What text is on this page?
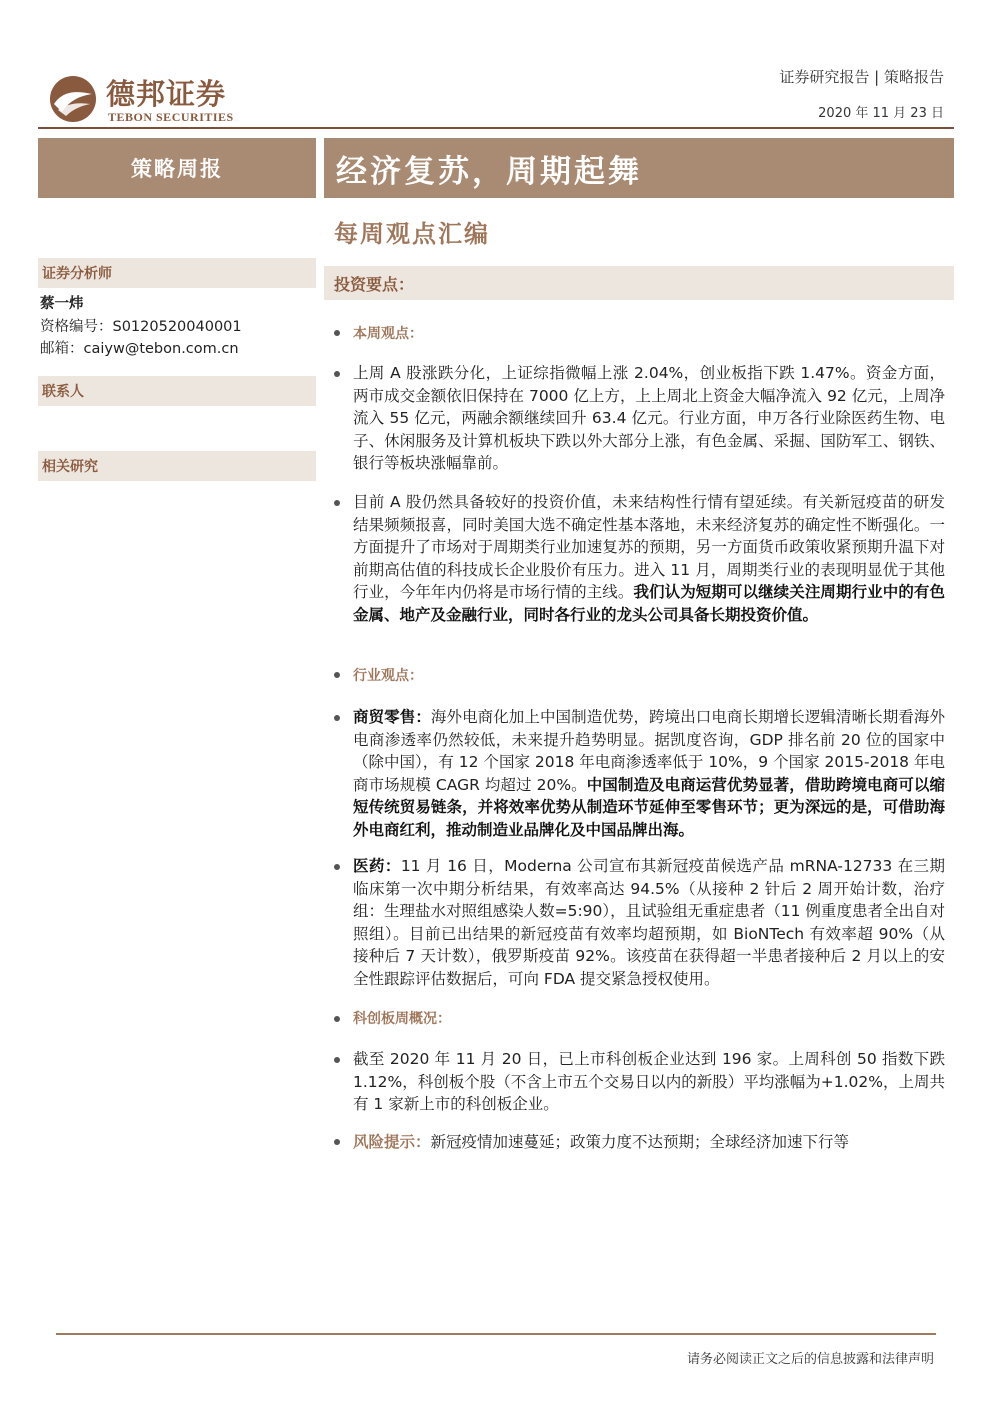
德邦证券
TEBON SECURITIES
证券研究报告 | 策略报告
2020 年 11 月 23 日
策略周报	经济复苏，周期起舞
每周观点汇编
证券分析师
蔡一炜
资格编号：S0120520040001
邮箱：caiyw@tebon.com.cn
联系人
相关研究
投资要点：
本周观点：
上周 A 股涨跌分化，上证综指微幅上涨 2.04%，创业板指下跌 1.47%。资金方面，两市成交金额依旧保持在 7000 亿上方，上上周北上资金大幅净流入 92 亿元，上周净流入 55 亿元，两融余额继续回升 63.4 亿元。行业方面，申万各行业除医药生物、电子、休闲服务及计算机板块下跌以外大部分上涨，有色金属、采掘、国防军工、钢铁、银行等板块涨幅靠前。
目前 A 股仍然具备较好的投资价值，未来结构性行情有望延续。有关新冠疫苗的研发结果频频报喜，同时美国大选不确定性基本落地，未来经济复苏的确定性不断强化。一方面提升了市场对于周期类行业加速复苏的预期，另一方面货币政策收紧预期升温下对前期高估值的科技成长企业股价有压力。进入 11 月，周期类行业的表现明显优于其他行业，今年年内仍将是市场行情的主线。我们认为短期可以继续关注周期行业中的有色金属、地产及金融行业，同时各行业的龙头公司具备长期投资价值。
行业观点：
商贸零售：海外电商化加上中国制造优势，跨境出口电商长期增长逻辑清晰长期看海外电商渗透率仍然较低，未来提升趋势明显。据凯度咨询，GDP 排名前 20 位的国家中（除中国），有 12 个国家 2018 年电商渗透率低于 10%，9 个国家 2015-2018 年电商市场规模 CAGR 均超过 20%。中国制造及电商运营优势显著，借助跨境电商可以缩短传统贸易链条，并将效率优势从制造环节延伸至零售环节；更为深远的是，可借助海外电商红利，推动制造业品牌化及中国品牌出海。
医药：11 月 16 日，Moderna 公司宣布其新冠疫苗候选产品 mRNA-12733 在三期临床第一次中期分析结果，有效率高达 94.5%（从接种 2 针后 2 周开始计数，治疗组：生理盐水对照组感染人数=5:90），且试验组无重症患者（11 例重度患者全出自对照组）。目前已出结果的新冠疫苗有效率均超预期，如 BioNTech 有效率超 90%（从接种后 7 天计数），俄罗斯疫苗 92%。该疫苗在获得超一半患者接种后 2 月以上的安全性跟踪评估数据后，可向 FDA 提交紧急授权使用。
科创板周概况：
截至 2020 年 11 月 20 日，已上市科创板企业达到 196 家。上周科创 50 指数下跌 1.12%，科创板个股（不含上市五个交易日以内的新股）平均涨幅为+1.02%，上周共有 1 家新上市的科创板企业。
风险提示：新冠疫情加速蔓延；政策力度不达预期；全球经济加速下行等
请务必阅读正文之后的信息披露和法律声明
